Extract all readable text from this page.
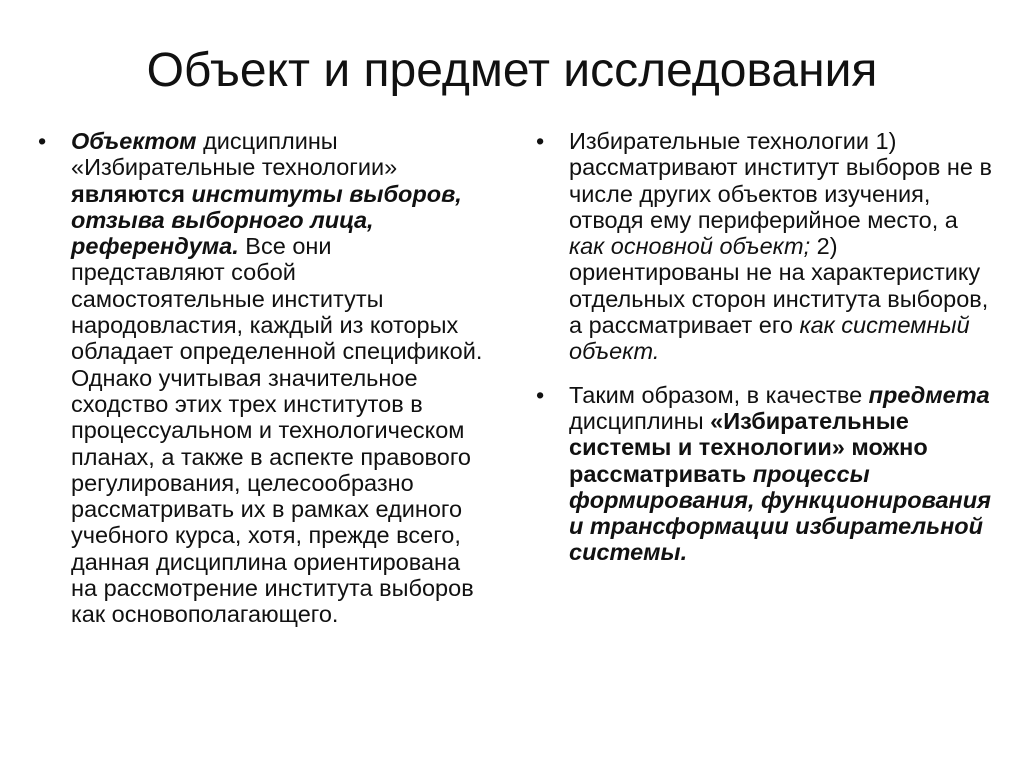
Объект и предмет исследования

• Объектом дисциплины «Избирательные технологии» являются институты выборов, отзыва выборного лица, референдума. Все они представляют собой самостоятельные институты народовластия, каждый из которых обладает определенной спецификой. Однако учитывая значительное сходство этих трех институтов в процессуальном и технологическом планах, а также в аспекте правового регулирования, целесообразно рассматривать их в рамках единого учебного курса, хотя, прежде всего, данная дисциплина ориентирована на рассмотрение института выборов как основополагающего.

• Избирательные технологии 1) рассматривают институт выборов не в числе других объектов изучения, отводя ему периферийное место, а как основной объект; 2) ориентированы не на характеристику отдельных сторон института выборов, а рассматривает его как системный объект.

• Таким образом, в качестве предмета дисциплины «Избирательные системы и технологии» можно рассматривать процессы формирования, функционирования и трансформации избирательной системы.
